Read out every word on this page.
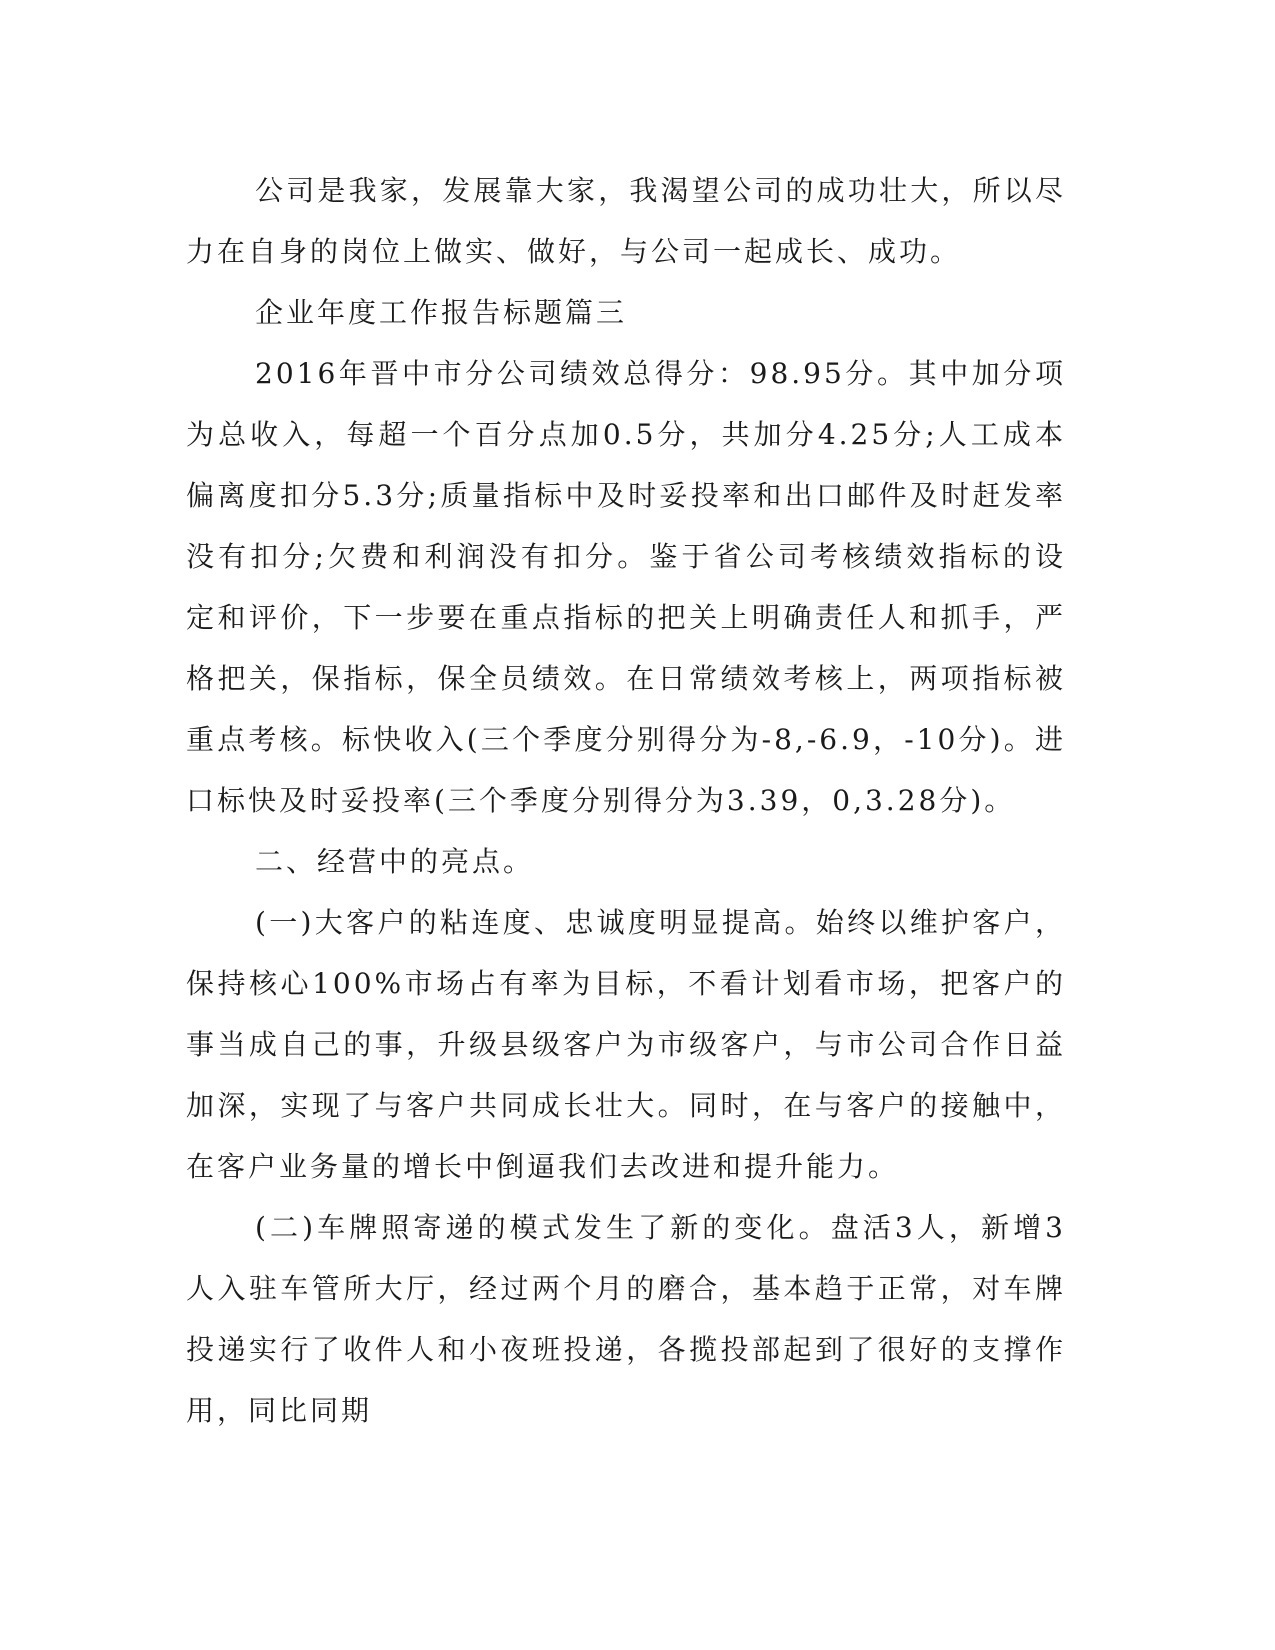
公司是我家，发展靠大家，我渴望公司的成功壮大，所以尽力在自身的岗位上做实、做好，与公司一起成长、成功。

企业年度工作报告标题篇三

2016年晋中市分公司绩效总得分：98.95分。其中加分项为总收入，每超一个百分点加0.5分，共加分4.25分;人工成本偏离度扣分5.3分;质量指标中及时妥投率和出口邮件及时赶发率没有扣分;欠费和利润没有扣分。鉴于省公司考核绩效指标的设定和评价，下一步要在重点指标的把关上明确责任人和抓手，严格把关，保指标，保全员绩效。在日常绩效考核上，两项指标被重点考核。标快收入(三个季度分别得分为-8,-6.9，-10分)。进口标快及时妥投率(三个季度分别得分为3.39，0,3.28分)。

二、经营中的亮点。

(一)大客户的粘连度、忠诚度明显提高。始终以维护客户，保持核心100%市场占有率为目标，不看计划看市场，把客户的事当成自己的事，升级县级客户为市级客户，与市公司合作日益加深，实现了与客户共同成长壮大。同时，在与客户的接触中，在客户业务量的增长中倒逼我们去改进和提升能力。

(二)车牌照寄递的模式发生了新的变化。盘活3人，新增3人入驻车管所大厅，经过两个月的磨合，基本趋于正常，对车牌投递实行了收件人和小夜班投递，各揽投部起到了很好的支撑作用，同比同期
